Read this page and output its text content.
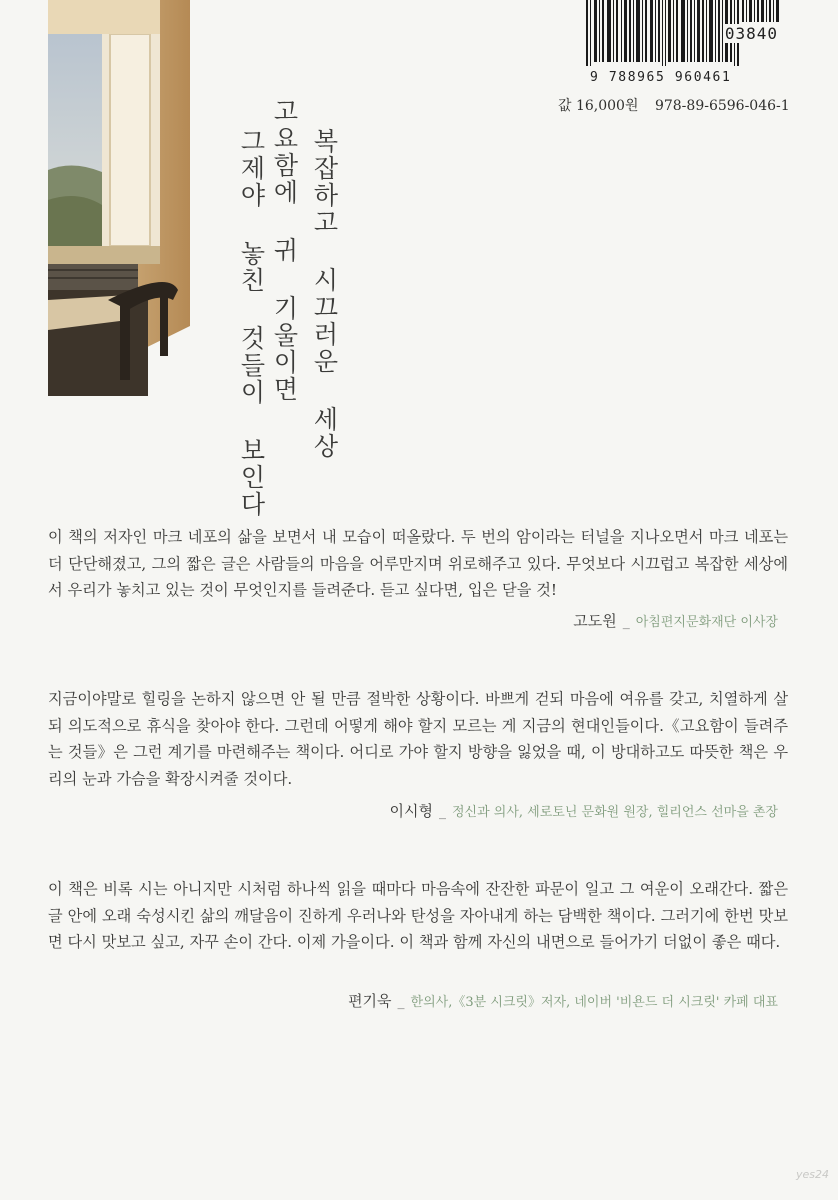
03840
9 788965 960461
값 16,000원 978-89-6596-046-1
복잡하고 시끄러운 세상
고요함에 귀 기울이면
그제야 놓친 것들이 보인다
이 책의 저자인 마크 네포의 삶을 보면서 내 모습이 떠올랐다. 두 번의 암이라는 터널을 지나오면서 마크 네포는 더 단단해졌고, 그의 짧은 글은 사람들의 마음을 어루만지며 위로해주고 있다. 무엇보다 시끄럽고 복잡한 세상에서 우리가 놓치고 있는 것이 무엇인지를 들려준다. 듣고 싶다면, 입은 닫을 것!
고도원 _ 아침편지문화재단 이사장
지금이야말로 힐링을 논하지 않으면 안 될 만큼 절박한 상황이다. 바쁘게 걷되 마음에 여유를 갖고, 치열하게 살되 의도적으로 휴식을 찾아야 한다. 그런데 어떻게 해야 할지 모르는 게 지금의 현대인들이다.《고요함이 들려주는 것들》은 그런 계기를 마련해주는 책이다. 어디로 가야 할지 방향을 잃었을 때, 이 방대하고도 따뜻한 책은 우리의 눈과 가슴을 확장시켜줄 것이다.
이시형 _ 정신과 의사, 세로토닌 문화원 원장, 힐리언스 선마을 촌장
이 책은 비록 시는 아니지만 시처럼 하나씩 읽을 때마다 마음속에 잔잔한 파문이 일고 그 여운이 오래간다. 짧은 글 안에 오래 숙성시킨 삶의 깨달음이 진하게 우러나와 탄성을 자아내게 하는 담백한 책이다. 그러기에 한번 맛보면 다시 맛보고 싶고, 자꾸 손이 간다. 이제 가을이다. 이 책과 함께 자신의 내면으로 들어가기 더없이 좋은 때다.
편기욱 _ 한의사,《3분 시크릿》저자, 네이버 '비욘드 더 시크릿' 카페 대표
yes24
